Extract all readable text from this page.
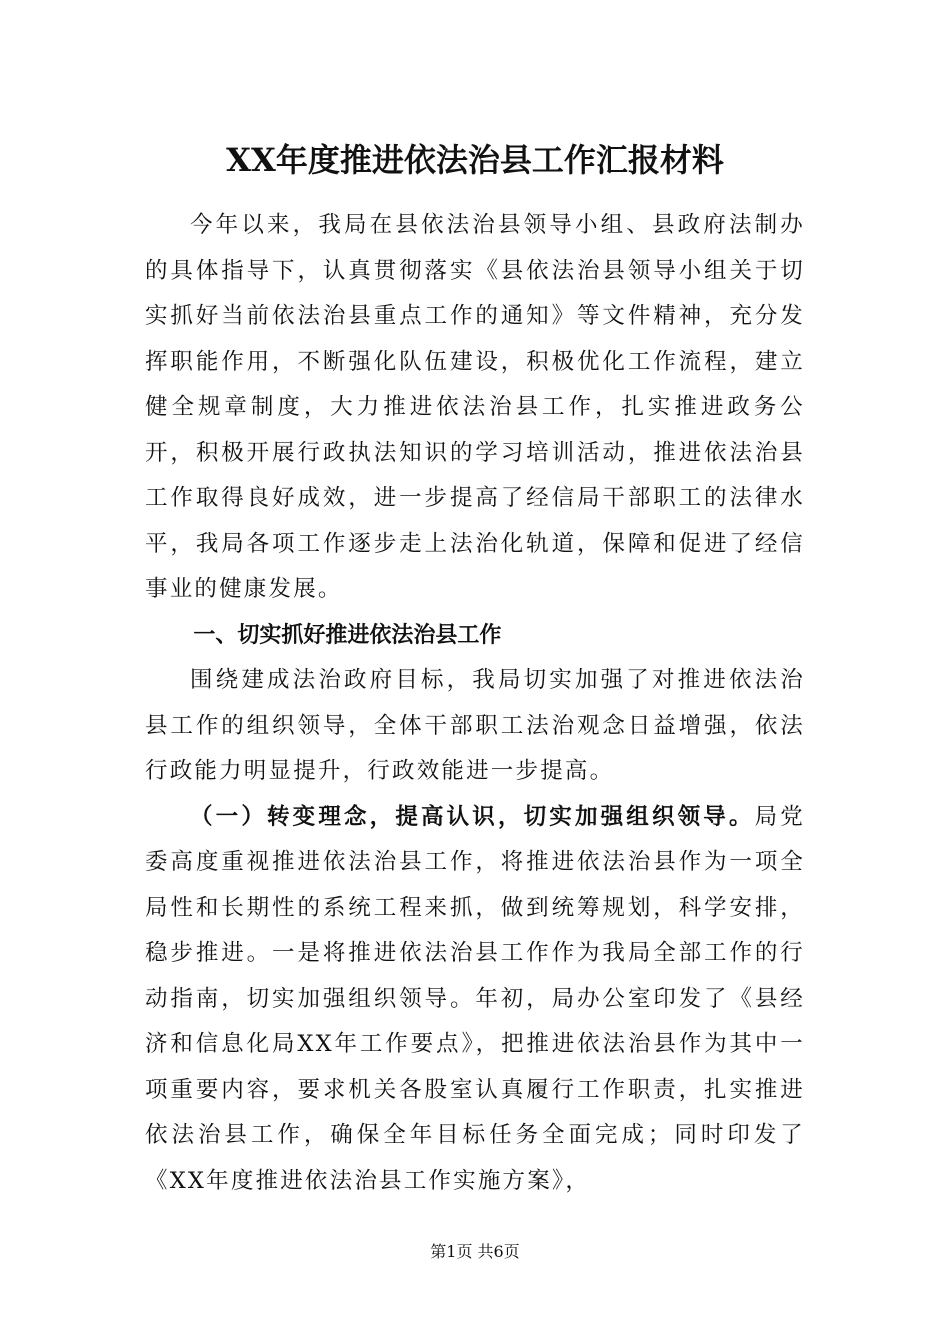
XX年度推进依法治县工作汇报材料

今年以来，我局在县依法治县领导小组、县政府法制办的具体指导下，认真贯彻落实《县依法治县领导小组关于切实抓好当前依法治县重点工作的通知》等文件精神，充分发挥职能作用，不断强化队伍建设，积极优化工作流程，建立健全规章制度，大力推进依法治县工作，扎实推进政务公开，积极开展行政执法知识的学习培训活动，推进依法治县工作取得良好成效，进一步提高了经信局干部职工的法律水平，我局各项工作逐步走上法治化轨道，保障和促进了经信事业的健康发展。

一、切实抓好推进依法治县工作

围绕建成法治政府目标，我局切实加强了对推进依法治县工作的组织领导，全体干部职工法治观念日益增强，依法行政能力明显提升，行政效能进一步提高。

（一）转变理念，提高认识，切实加强组织领导。局党委高度重视推进依法治县工作，将推进依法治县作为一项全局性和长期性的系统工程来抓，做到统筹规划，科学安排，稳步推进。一是将推进依法治县工作作为我局全部工作的行动指南，切实加强组织领导。年初，局办公室印发了《县经济和信息化局XX年工作要点》，把推进依法治县作为其中一项重要内容，要求机关各股室认真履行工作职责，扎实推进依法治县工作，确保全年目标任务全面完成；同时印发了《XX年度推进依法治县工作实施方案》，

第1页 共6页
